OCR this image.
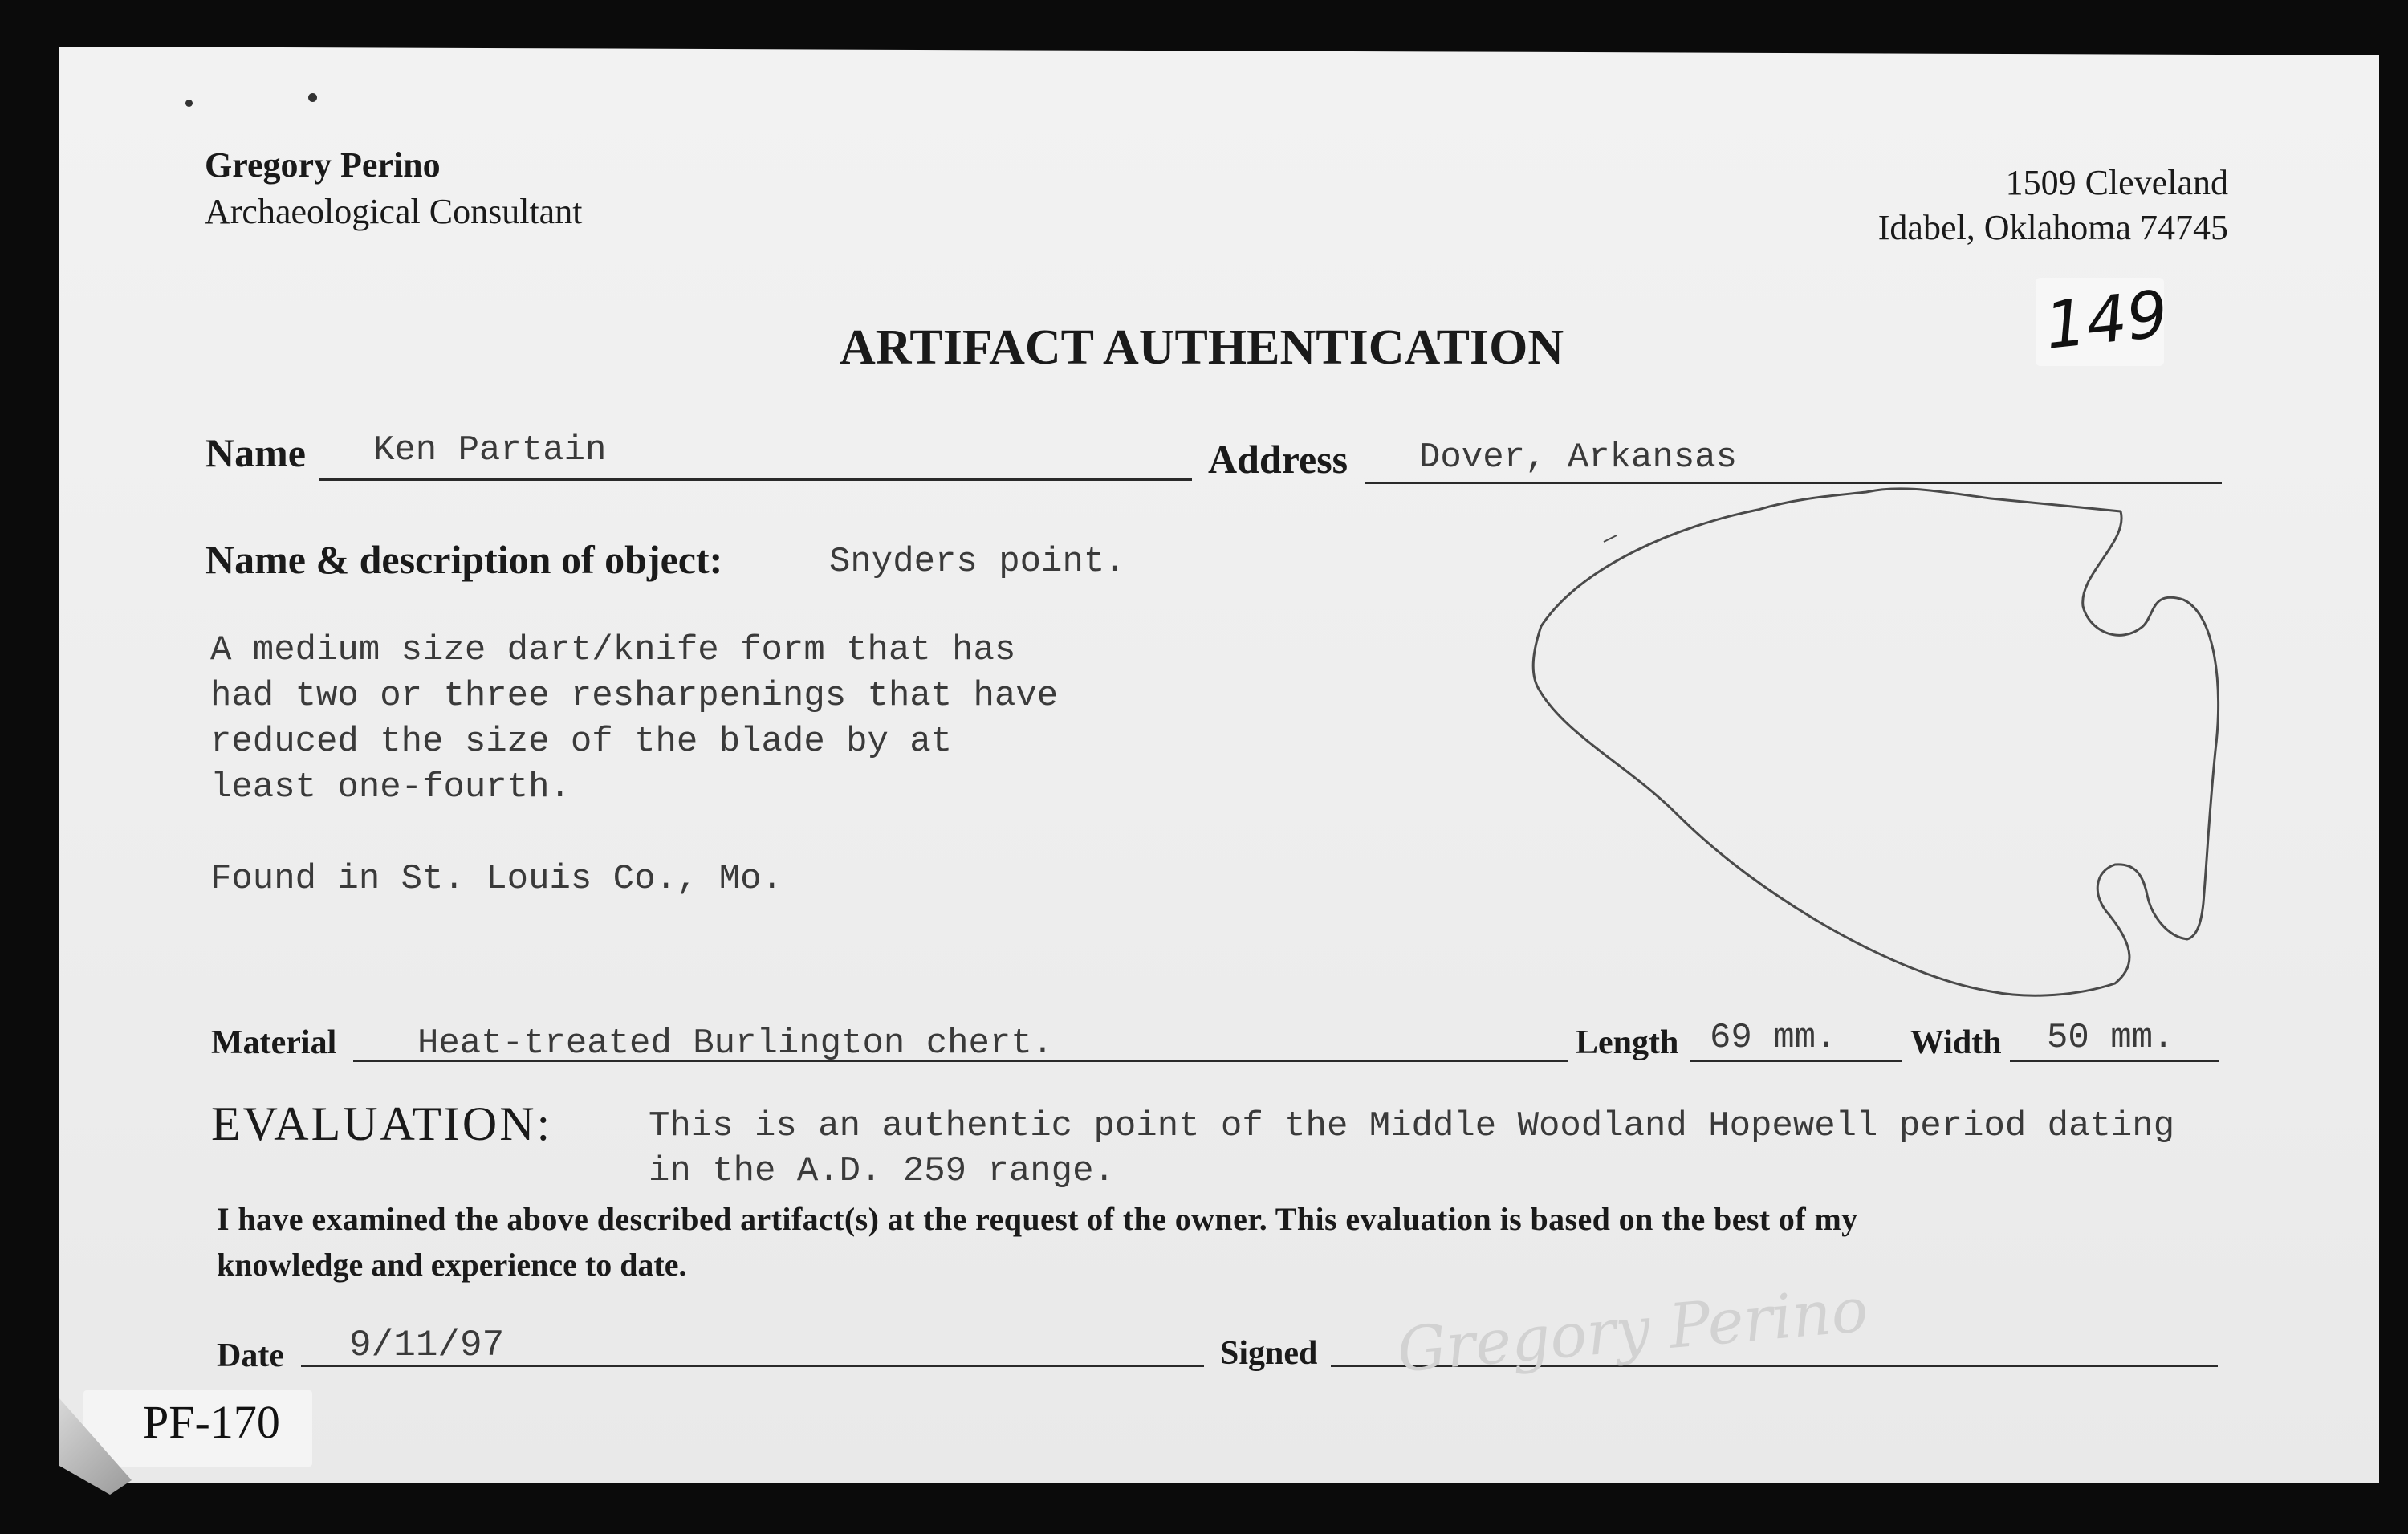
Gregory Perino
Archaeological Consultant
1509 Cleveland
Idabel, Oklahoma 74745
149
ARTIFACT AUTHENTICATION
Name Ken Partain	Address Dover, Arkansas
Name & description of object:	Snyders point.
A medium size dart/knife form that has
had two or three resharpenings that have
reduced the size of the blade by at
least one-fourth.
Found in St. Louis Co., Mo.
Material Heat-treated Burlington chert.	Length 69 mm. Width 50 mm.
EVALUATION:	This is an authentic point of the Middle Woodland Hopewell period dating
in the A.D. 259 range.
I have examined the above described artifact(s) at the request of the owner. This evaluation is based on the best of my
knowledge and experience to date.
Date 9/11/97	Signed Gregory Perino
PF-170
